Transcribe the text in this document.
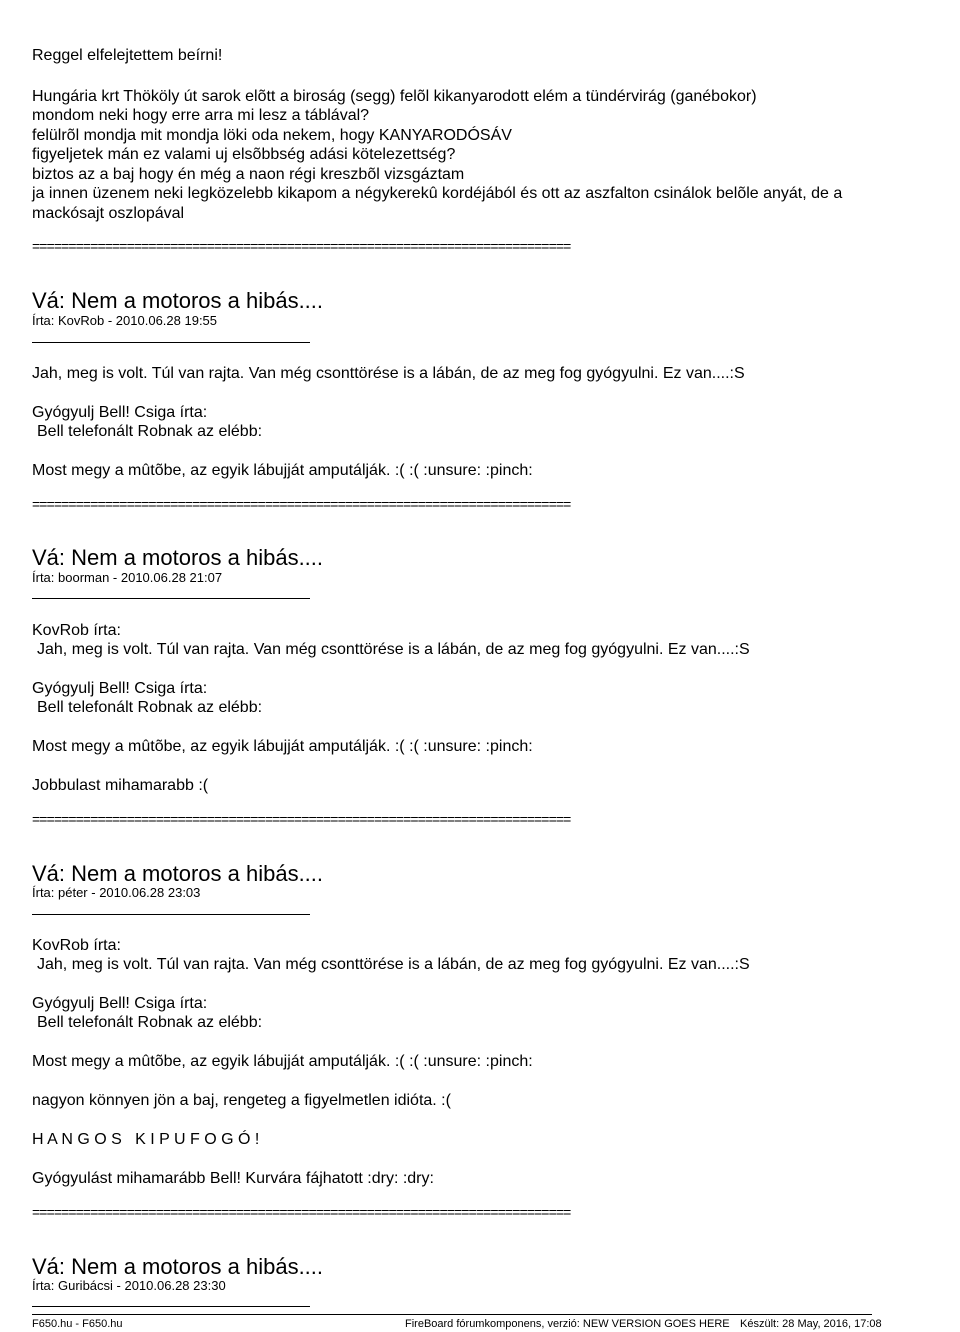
Reggel elfelejtettem beírni!
Hungária krt Thököly út sarok elõtt a biroság (segg) felõl kikanyarodott elém a tündérvirág (ganébokor)
mondom neki hogy erre arra mi lesz a táblával?
felülrõl mondja mit mondja löki oda nekem, hogy KANYARODÓSÁV
figyeljetek mán ez valami uj elsõbbség adási kötelezettség?
biztos az a baj hogy én még a naon régi kreszbõl vizsgáztam
ja innen üzenem neki legközelebb kikapom a négykerekû kordéjából és ott az aszfalton csinálok belõle anyát, de a
mackósajt oszlopával
==========================================================================
Vá: Nem a motoros a hibás....
Írta: KovRob - 2010.06.28 19:55
Jah, meg is volt. Túl van rajta. Van még csonttörése is a lábán, de az meg fog gyógyulni. Ez van....:S
Gyógyulj Bell! Csiga írta:
Bell telefonált Robnak az elébb:
Most megy a mûtõbe, az egyik lábujját amputálják. :( :( :unsure: :pinch:
==========================================================================
Vá: Nem a motoros a hibás....
Írta: boorman - 2010.06.28 21:07
KovRob írta:
Jah, meg is volt. Túl van rajta. Van még csonttörése is a lábán, de az meg fog gyógyulni. Ez van....:S
Gyógyulj Bell! Csiga írta:
Bell telefonált Robnak az elébb:
Most megy a mûtõbe, az egyik lábujját amputálják. :( :( :unsure: :pinch:
Jobbulast mihamarabb :(
==========================================================================
Vá: Nem a motoros a hibás....
Írta: péter - 2010.06.28 23:03
KovRob írta:
Jah, meg is volt. Túl van rajta. Van még csonttörése is a lábán, de az meg fog gyógyulni. Ez van....:S
Gyógyulj Bell! Csiga írta:
Bell telefonált Robnak az elébb:
Most megy a mûtõbe, az egyik lábujját amputálják. :( :( :unsure: :pinch:
nagyon könnyen jön a baj, rengeteg a figyelmetlen idióta. :(
H A N G O S   K I P U F O G Ó !
Gyógyulást mihamarább Bell! Kurvára fájhatott :dry: :dry:
==========================================================================
Vá: Nem a motoros a hibás....
Írta: Guribácsi - 2010.06.28 23:30
F650.hu - F650.hu	FireBoard fórumkomponens, verzió: NEW VERSION GOES HERE Készült: 28 May, 2016, 17:08
